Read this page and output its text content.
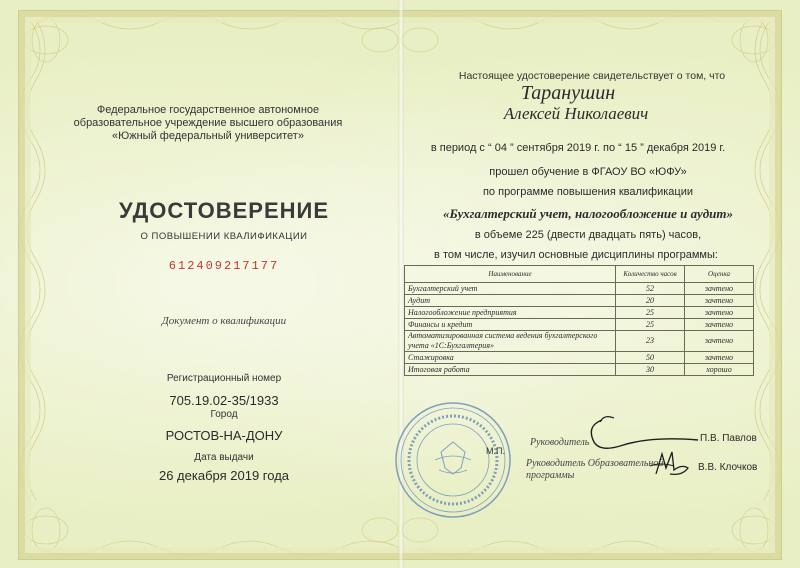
Федеральное государственное автономное
образовательное учреждение высшего образования
«Южный федеральный университет»
УДОСТОВЕРЕНИЕ
О ПОВЫШЕНИИ КВАЛИФИКАЦИИ
612409217177
Документ о квалификации
Регистрационный номер
705.19.02-35/1933
Город
РОСТОВ-НА-ДОНУ
Дата выдачи
26 декабря 2019 года
Настоящее удостоверение свидетельствует о том, что
Таранушин
Алексей Николаевич
в период с “ 04 ” сентября 2019 г. по “ 15 ” декабря 2019 г.
прошел обучение в ФГАОУ ВО «ЮФУ»
по программе повышения квалификации
«Бухгалтерский учет, налогообложение и аудит»
в объеме 225 (двести двадцать пять) часов,
в том числе, изучил основные дисциплины программы:
Наименование	Количество часов	Оценка
Бухгалтерский учет	52	зачтено
Аудит	20	зачтено
Налогообложение предприятия	25	зачтено
Финансы и кредит	25	зачтено
Автоматизированная система ведения бухгалтерского учета «1С:Бухгалтерия»	23	зачтено
Стажировка	50	зачтено
Итоговая работа	30	хорошо
Руководитель
М.П.
П.В. Павлов
Руководитель Образовательной
программы
В.В. Клочков
